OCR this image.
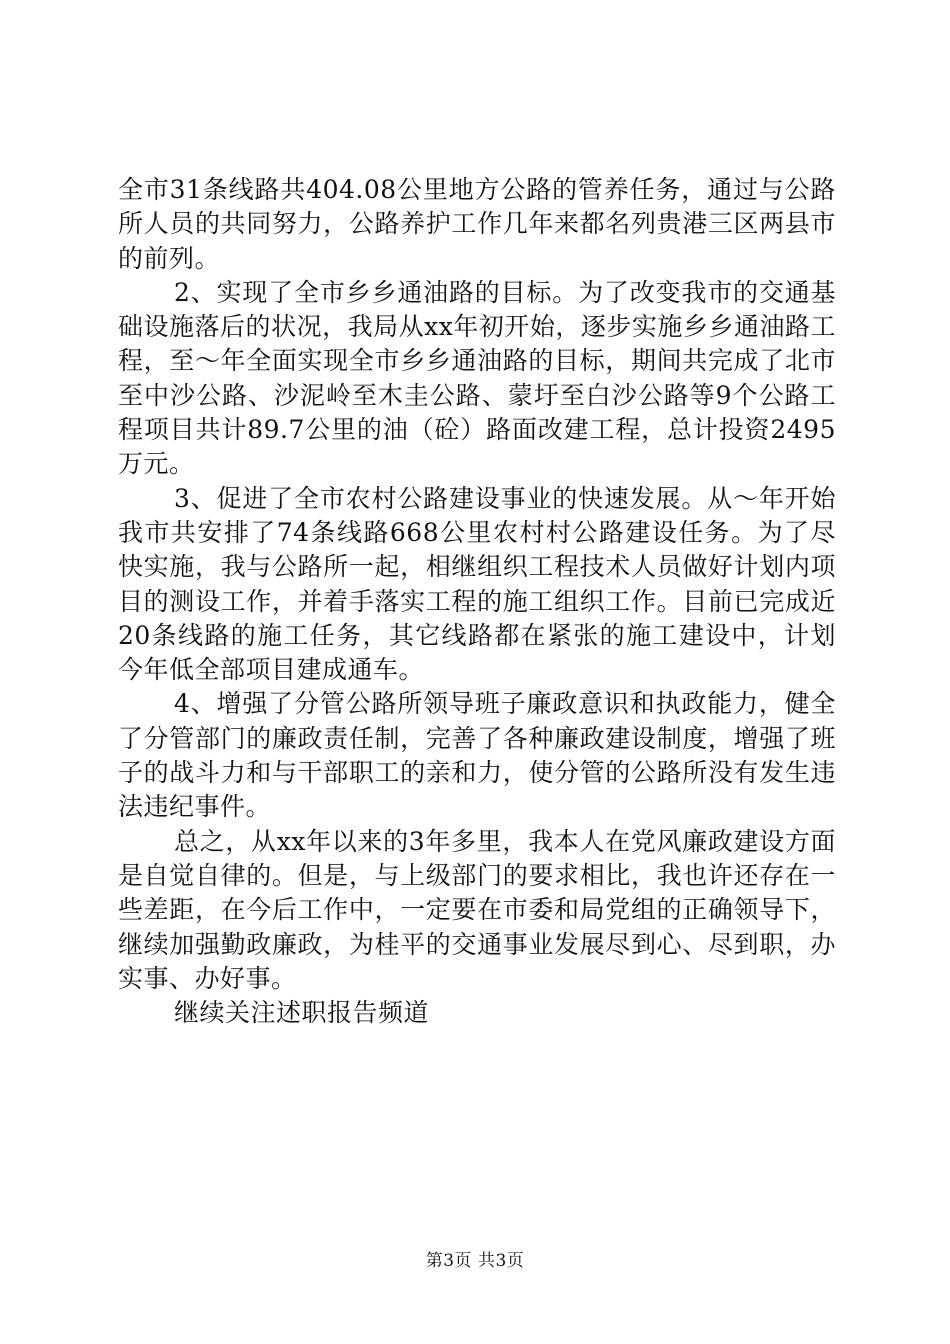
全市31条线路共404.08公里地方公路的管养任务，通过与公路所人员的共同努力，公路养护工作几年来都名列贵港三区两县市的前列。

2、实现了全市乡乡通油路的目标。为了改变我市的交通基础设施落后的状况，我局从xx年初开始，逐步实施乡乡通油路工程，至～年全面实现全市乡乡通油路的目标，期间共完成了北市至中沙公路、沙泥岭至木圭公路、蒙圩至白沙公路等9个公路工程项目共计89.7公里的油（砼）路面改建工程，总计投资2495万元。

3、促进了全市农村公路建设事业的快速发展。从～年开始我市共安排了74条线路668公里农村村公路建设任务。为了尽快实施，我与公路所一起，相继组织工程技术人员做好计划内项目的测设工作，并着手落实工程的施工组织工作。目前已完成近20条线路的施工任务，其它线路都在紧张的施工建设中，计划今年低全部项目建成通车。

4、增强了分管公路所领导班子廉政意识和执政能力，健全了分管部门的廉政责任制，完善了各种廉政建设制度，增强了班子的战斗力和与干部职工的亲和力，使分管的公路所没有发生违法违纪事件。

总之，从xx年以来的3年多里，我本人在党风廉政建设方面是自觉自律的。但是，与上级部门的要求相比，我也许还存在一些差距，在今后工作中，一定要在市委和局党组的正确领导下，继续加强勤政廉政，为桂平的交通事业发展尽到心、尽到职，办实事、办好事。

继续关注述职报告频道

第3页 共3页
